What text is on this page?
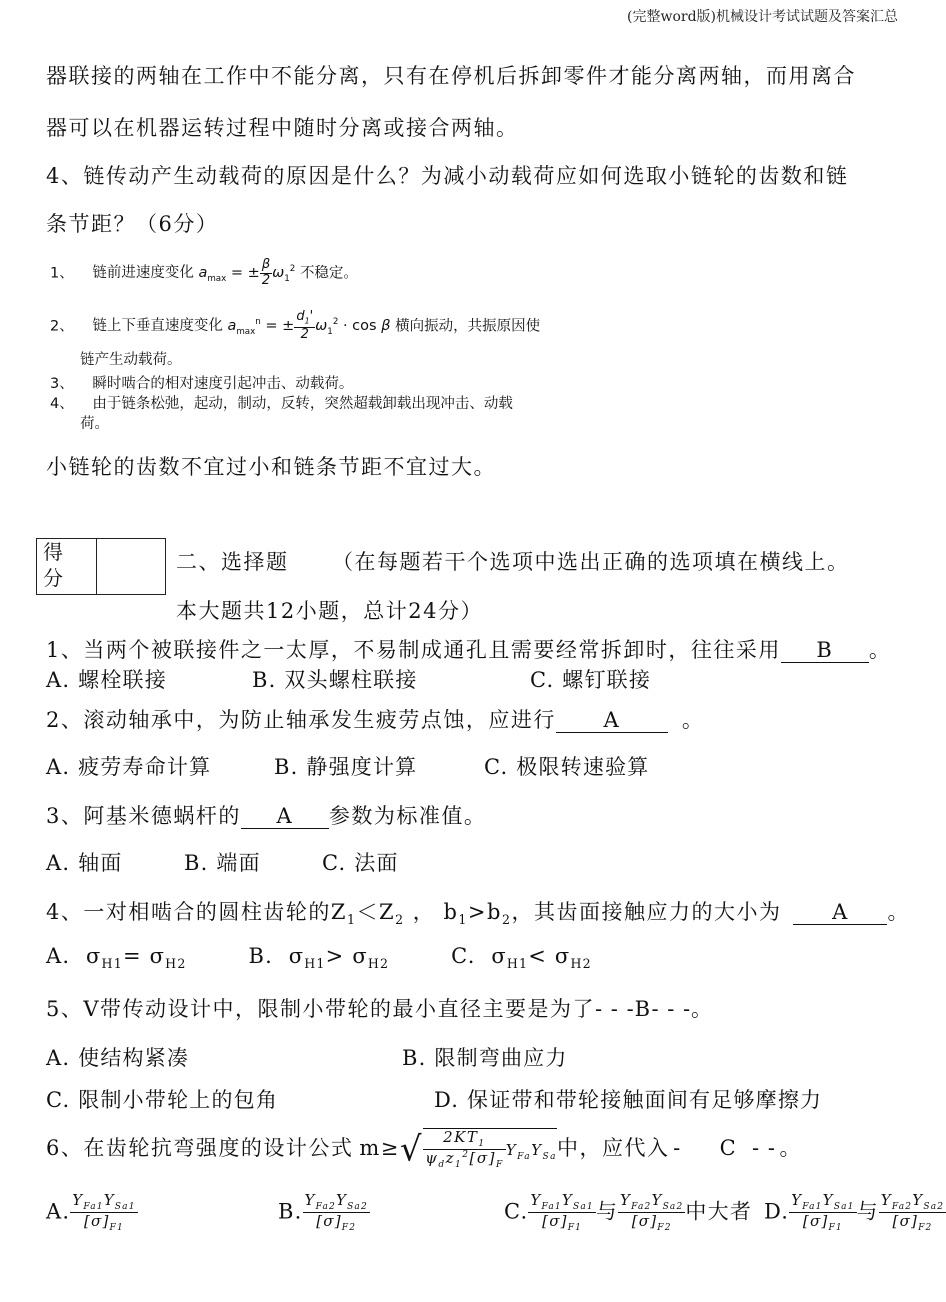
(完整word版)机械设计考试试题及答案汇总
器联接的两轴在工作中不能分离，只有在停机后拆卸零件才能分离两轴，而用离合
器可以在机器运转过程中随时分离或接合两轴。
4、链传动产生动载荷的原因是什么？为减小动载荷应如何选取小链轮的齿数和链
条节距？（6分）
1、 链前进速度变化 $a_{max}$ = ± $\frac{\beta}{2} \omega_1^2$ 不稳定。
2、 链上下垂直速度变化 $a_{max}^n$ = ± $\frac{d_1'}{2} \omega_1^2 \cdot \cos \beta$ 横向振动，共振原因使
链产生动载荷。
3、 瞬时啮合的相对速度引起冲击、动载荷。
4、 由于链条松弛，起动，制动，反转，突然超载卸载出现冲击、动载
荷。
小链轮的齿数不宜过小和链条节距不宜过大。
得
分

二、选择题 （在每题若干个选项中选出正确的选项填在横线上。
本大题共12小题，总计24分）
1、当两个被联接件之一太厚，不易制成通孔且需要经常拆卸时，往往采用 B 。
A. 螺栓联接	B. 双头螺柱联接	C. 螺钉联接
2、滚动轴承中，为防止轴承发生疲劳点蚀，应进行 A	。
A. 疲劳寿命计算	B. 静强度计算	C. 极限转速验算
3、阿基米德蜗杆的 A 参数为标准值。
A. 轴面	B. 端面	C. 法面
4、一对相啮合的圆柱齿轮的$Z_1<Z_2$ ， $b_1>b_2$，其齿面接触应力的大小为 A 。
A.  $\sigma_{H1}= \sigma_{H2}$	B.  $\sigma_{H1}> \sigma_{H2}$	C.  $\sigma_{H1}< \sigma_{H2}$
5、V带传动设计中，限制小带轮的最小直径主要是为了- - -B- - -。
A. 使结构紧凑	B. 限制弯曲应力
C. 限制小带轮上的包角	D. 保证带和带轮接触面间有足够摩擦力
6、在齿轮抗弯强度的设计公式 $m\ge√ \frac{2KT_1}{\psi_dz_1^2[\sigma]_F} Y_{Fa}Y_{Sa}$中，应代入 -     C  - - 。
A. $\frac{Y_{Fa1}Y_{Sa1}}{[\sigma]_{F1}}$	B. $\frac{Y_{Fa2}Y_{Sa2}}{[\sigma]_{F2}}$	C. $\frac{Y_{Fa1}Y_{Sa1}}{[\sigma]_{F1}}$ 与 $\frac{Y_{Fa2}Y_{Sa2}}{[\sigma]_{F2}}$ 中大者 D. $\frac{Y_{Fa1}Y_{Sa1}}{[\sigma]_{F1}}$ 与 $\frac{Y_{Fa2}Y_{Sa2}}{[\sigma]_{F2}}$
